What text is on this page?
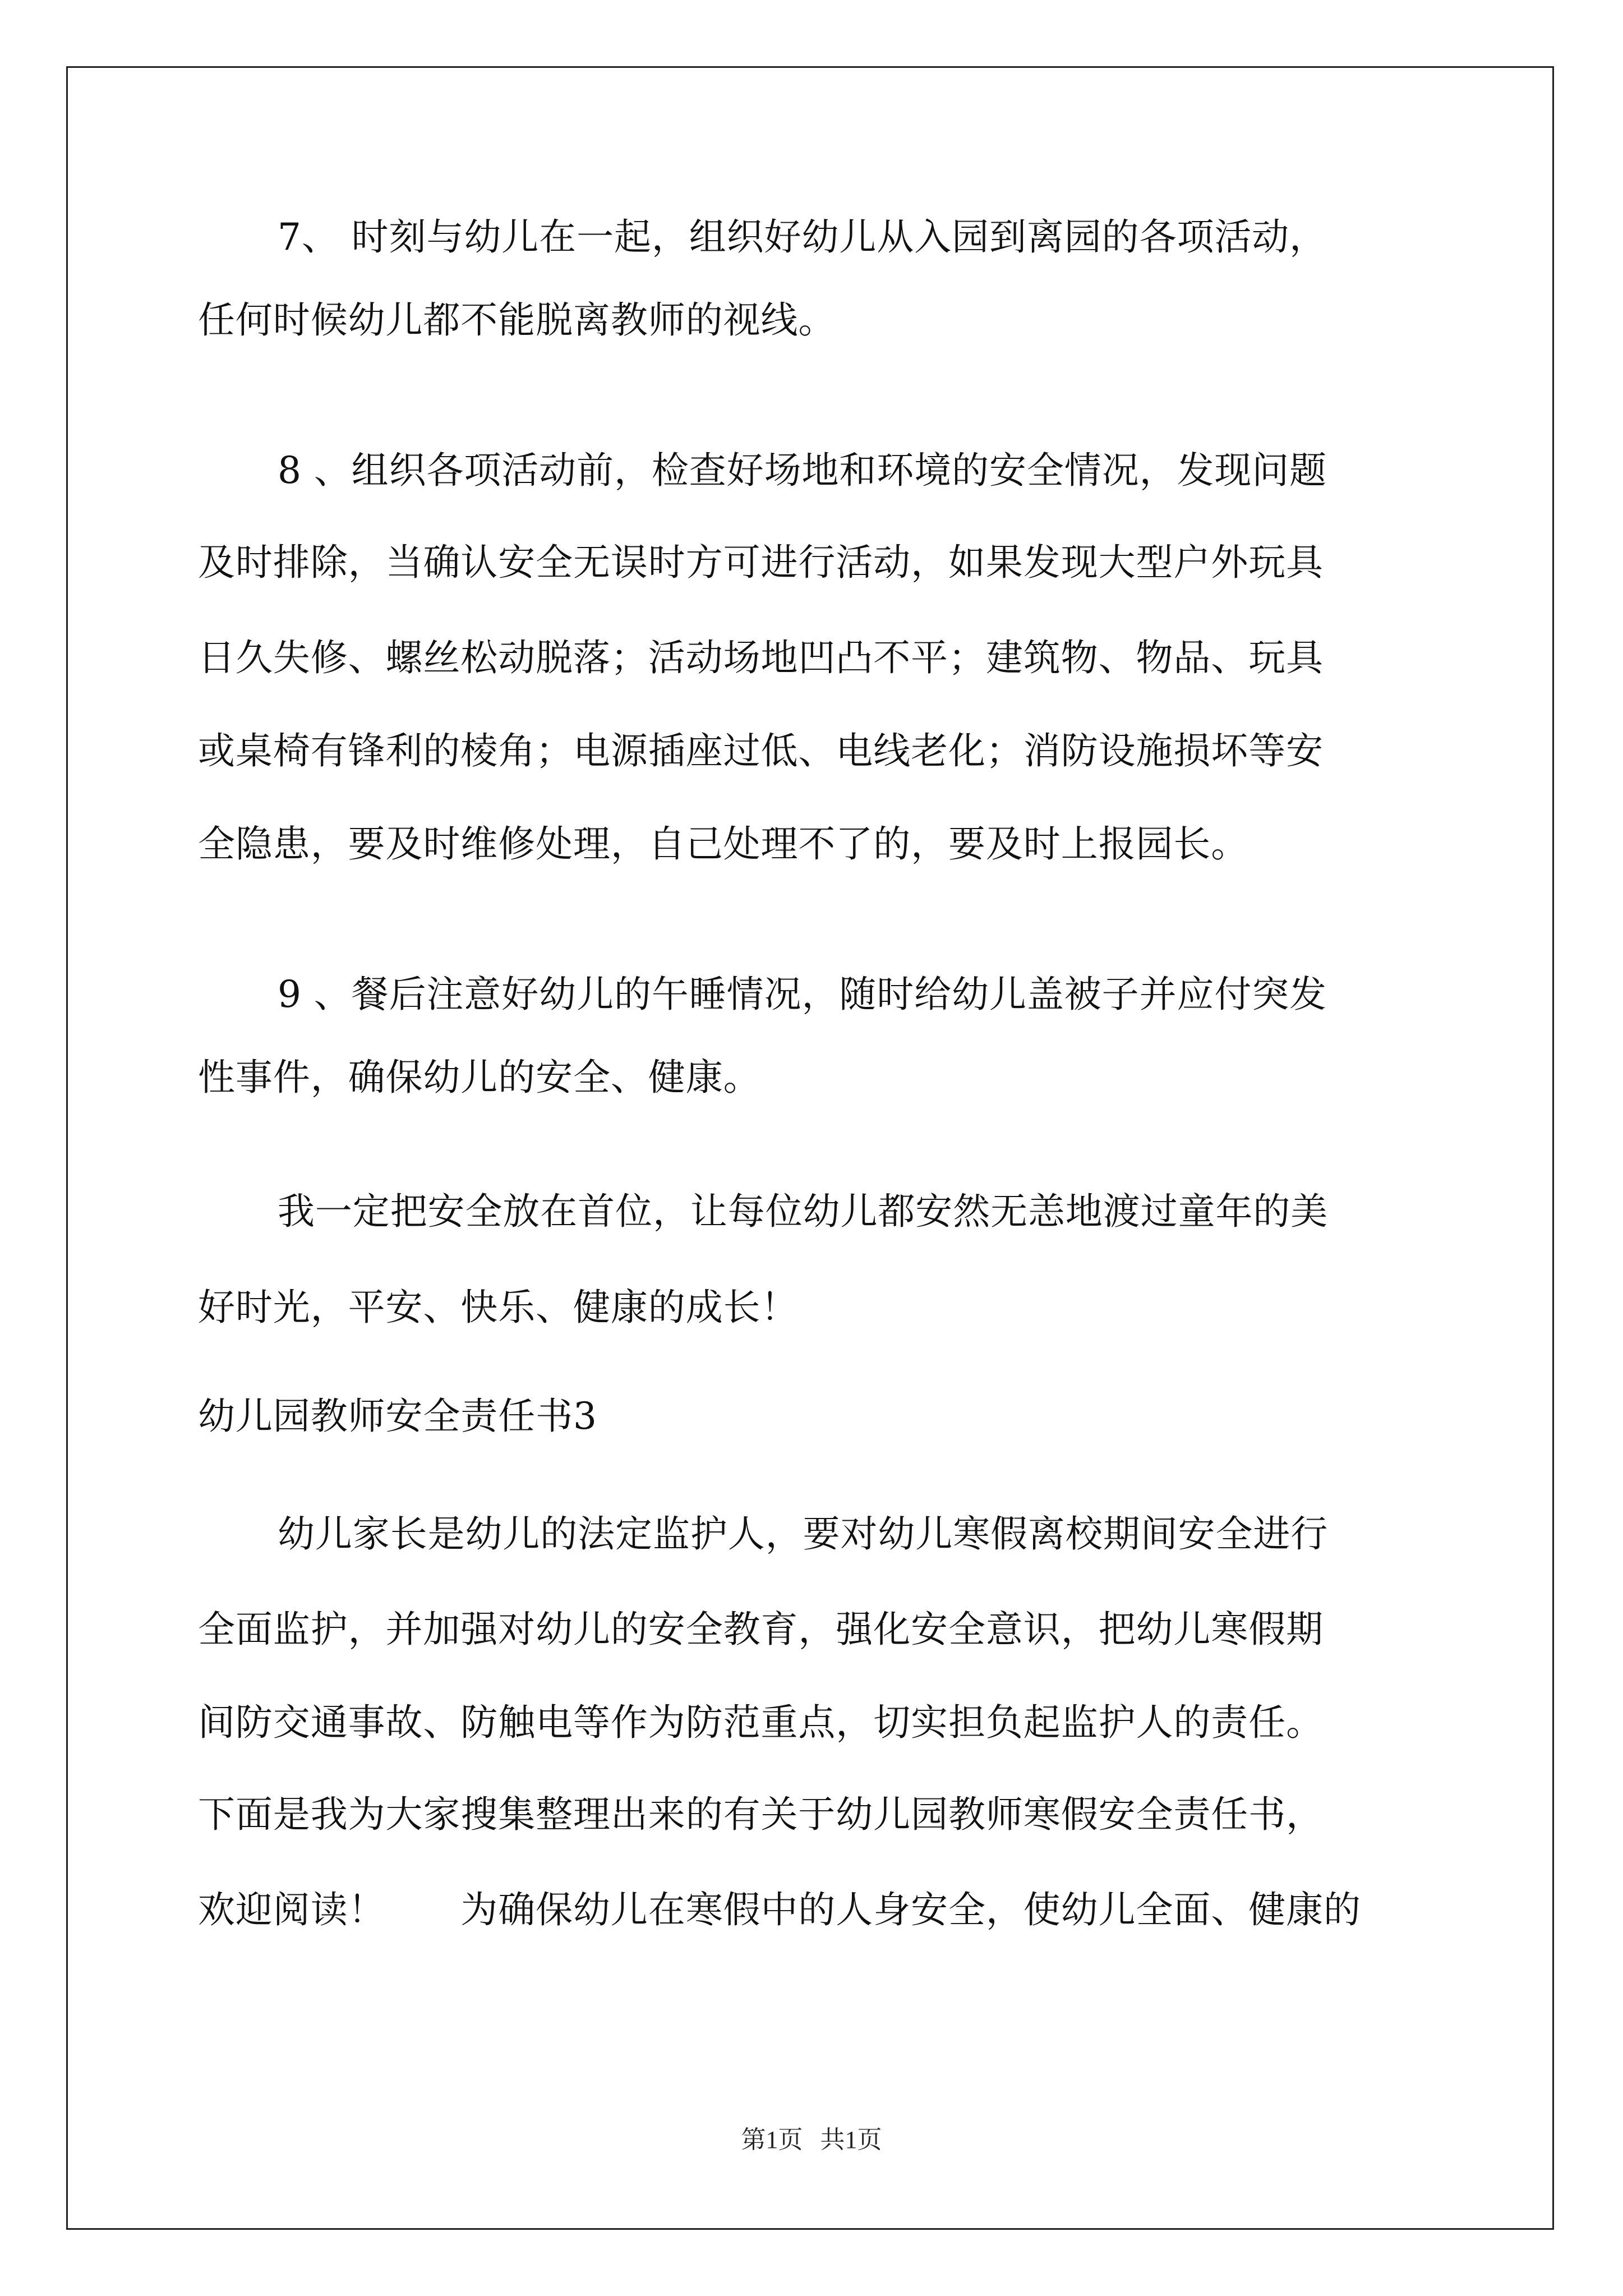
7、 时刻与幼儿在一起，组织好幼儿从入园到离园的各项活动，
任何时候幼儿都不能脱离教师的视线。
8 、组织各项活动前，检查好场地和环境的安全情况，发现问题
及时排除，当确认安全无误时方可进行活动，如果发现大型户外玩具
日久失修、螺丝松动脱落；活动场地凹凸不平；建筑物、物品、玩具
或桌椅有锋利的棱角；电源插座过低、电线老化；消防设施损坏等安
全隐患，要及时维修处理，自己处理不了的，要及时上报园长。
9 、餐后注意好幼儿的午睡情况，随时给幼儿盖被子并应付突发
性事件，确保幼儿的安全、健康。
我一定把安全放在首位，让每位幼儿都安然无恙地渡过童年的美
好时光，平安、快乐、健康的成长！
幼儿园教师安全责任书3
幼儿家长是幼儿的法定监护人，要对幼儿寒假离校期间安全进行
全面监护，并加强对幼儿的安全教育，强化安全意识，把幼儿寒假期
间防交通事故、防触电等作为防范重点，切实担负起监护人的责任。
下面是我为大家搜集整理出来的有关于幼儿园教师寒假安全责任书，
欢迎阅读！　　为确保幼儿在寒假中的人身安全，使幼儿全面、健康的
第1页 共1页
